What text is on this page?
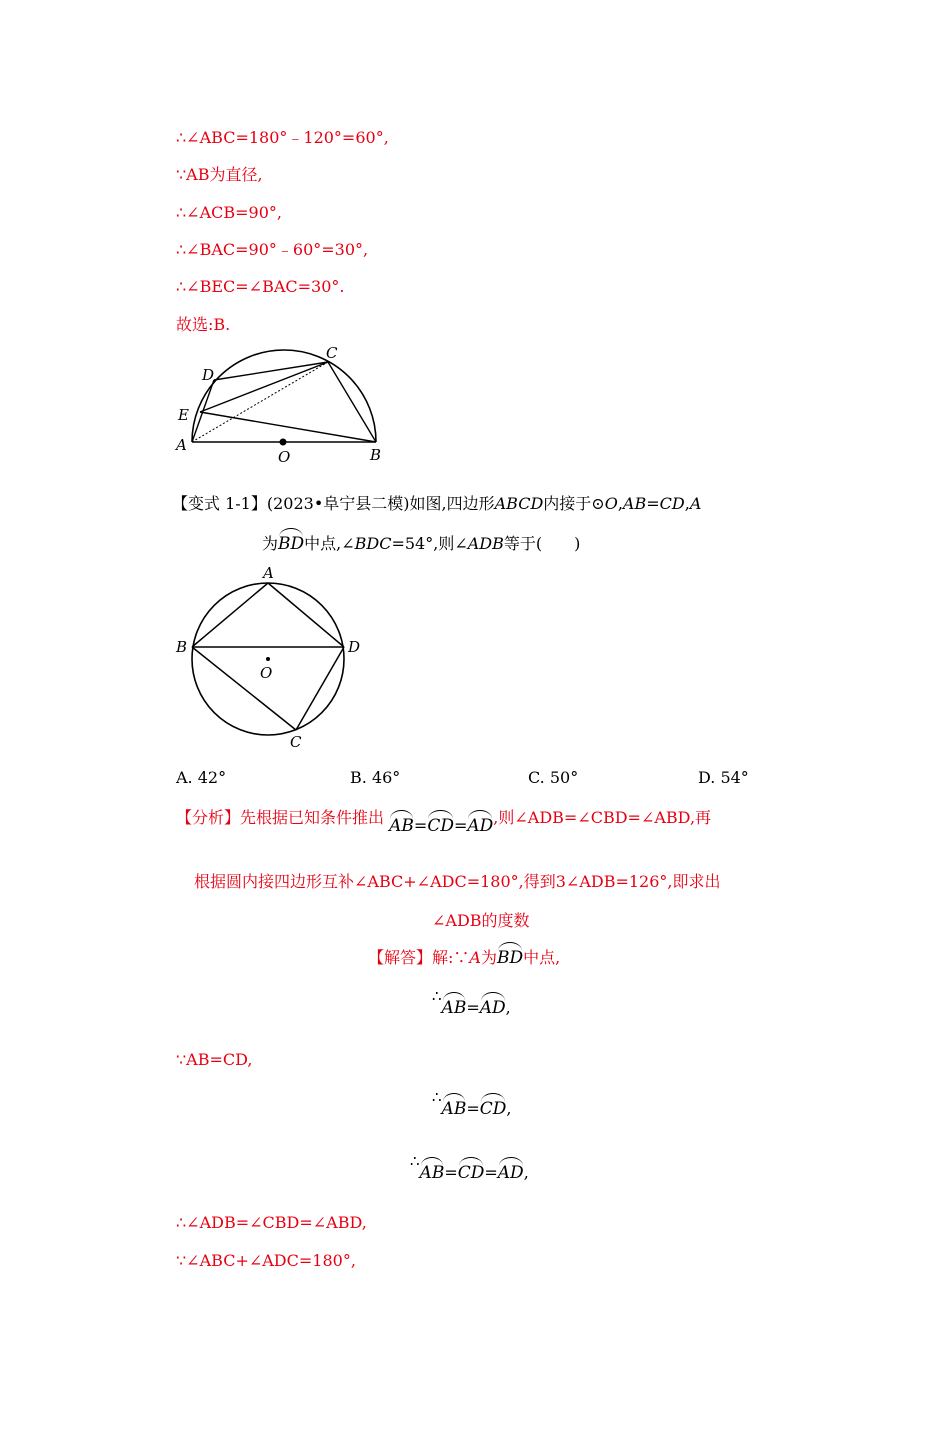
∴∠ABC=180°﹣120°=60°,
∵AB为直径,
∴∠ACB=90°,
∴∠BAC=90°﹣60°=30°,
∴∠BEC=∠BAC=30°.
故选:B.
A
B
C
D
E
O
【变式 1-1】(2023•阜宁县二模)如图,四边形ABCD内接于⊙O,AB=CD,A
为BD中点,∠BDC=54°,则∠ADB等于(　　)
A
B
C
D
O
A. 42°	B. 46°	C. 50°	D. 54°
【分析】先根据已知条件推出 AB=CD=AD,则∠ADB=∠CBD=∠ABD,再
根据圆内接四边形互补∠ABC+∠ADC=180°,得到3∠ADB=126°,即求出
∠ADB的度数
【解答】解:∵A为BD中点,
∴AB=AD,
∵AB=CD,
∴AB=CD,
∴AB=CD=AD,
∴∠ADB=∠CBD=∠ABD,
∵∠ABC+∠ADC=180°,
